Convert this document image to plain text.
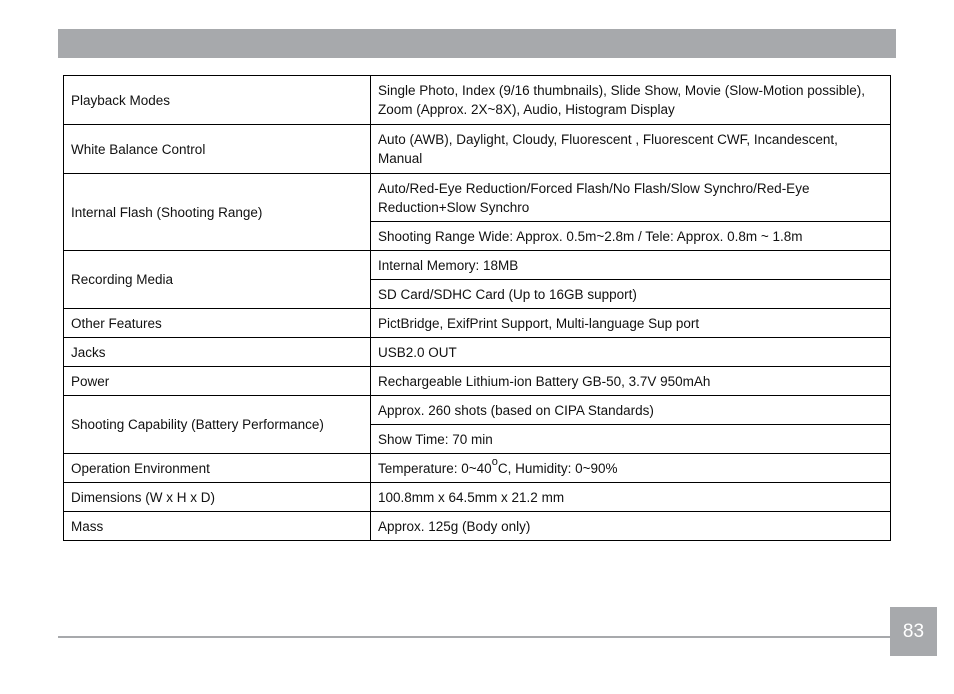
Playback Modes	Single Photo, Index (9/16 thumbnails), Slide Show, Movie (Slow-Motion possible), Zoom (Approx. 2X~8X), Audio, Histogram Display
White Balance Control	Auto (AWB), Daylight, Cloudy, Fluorescent , Fluorescent CWF, Incandescent, Manual
Internal Flash (Shooting Range)	Auto/Red-Eye Reduction/Forced Flash/No Flash/Slow Synchro/Red-Eye Reduction+Slow Synchro
	Shooting Range Wide: Approx. 0.5m~2.8m / Tele: Approx. 0.8m ~ 1.8m
Recording Media	Internal Memory: 18MB
	SD Card/SDHC Card (Up to 16GB support)
Other Features	PictBridge, ExifPrint Support, Multi-language Sup port
Jacks	USB2.0 OUT
Power	Rechargeable Lithium-ion Battery GB-50, 3.7V 950mAh
Shooting Capability (Battery Performance)	Approx. 260 shots (based on CIPA Standards)
	Show Time: 70 min
Operation Environment	Temperature: 0~40$^o$C, Humidity: 0~90%
Dimensions (W x H x D)	100.8mm x 64.5mm x 21.2 mm
Mass	Approx. 125g (Body only)
83
